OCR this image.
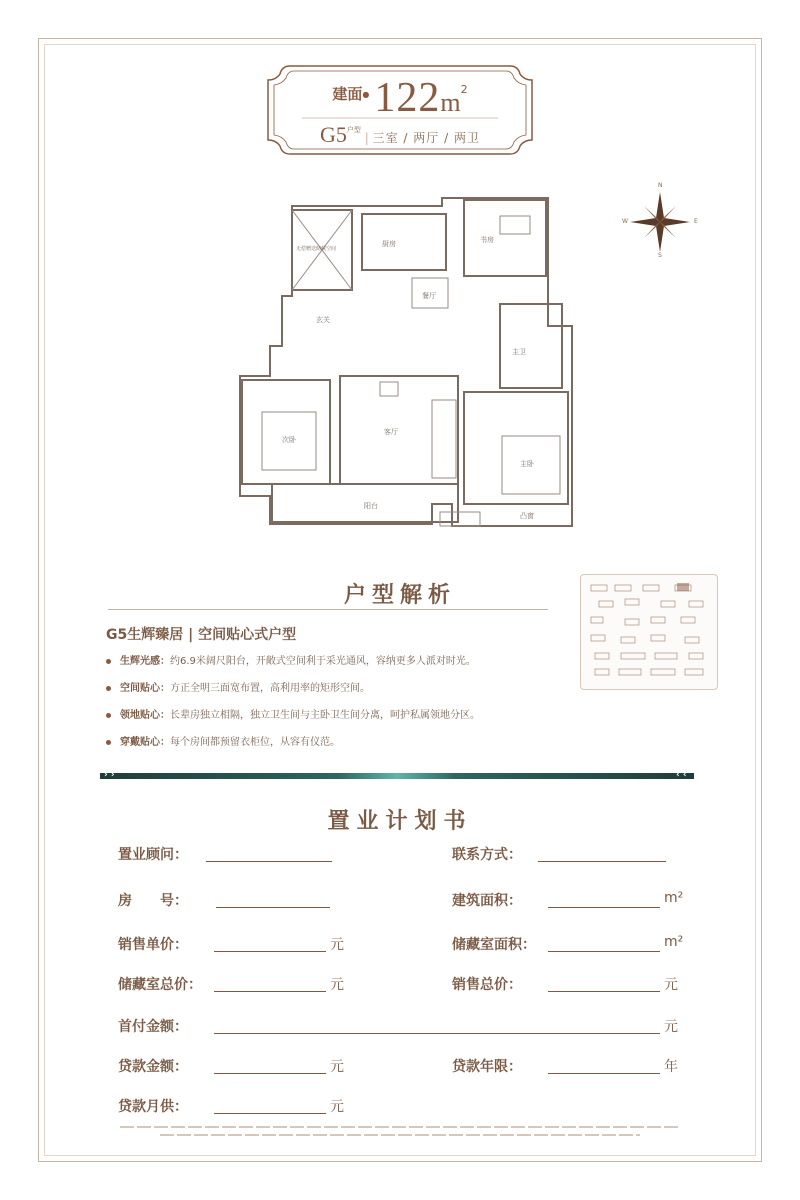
建面● $122m^2$
$G5^{户型}$ | 三室 / 两厅 / 两卫
N
S
W	E
厨房
餐厅
书房
玄关
客厅
次卧
主卧
主卫
阳台
凸窗
无偿赠送储藏空间
户型解析
G5生辉臻居 | 空间贴心式户型
生辉光感：约6.9米阔尺阳台，开敞式空间利于采光通风，容纳更多人派对时光。
空间贴心：方正全明三面宽布置，高利用率的矩形空间。
领地贴心：长辈房独立相隔，独立卫生间与主卧卫生间分离，呵护私属领地分区。
穿戴贴心：每个房间都预留衣柜位，从容有仪范。
› ›	‹ ‹
置业计划书
置业顾问：	联系方式：
房　　号：	建筑面积：	m²
销售单价：	元	储藏室面积：	m²
储藏室总价：	元	销售总价：	元
首付金额：	元
贷款金额：	元	贷款年限：	年
贷款月供：	元
